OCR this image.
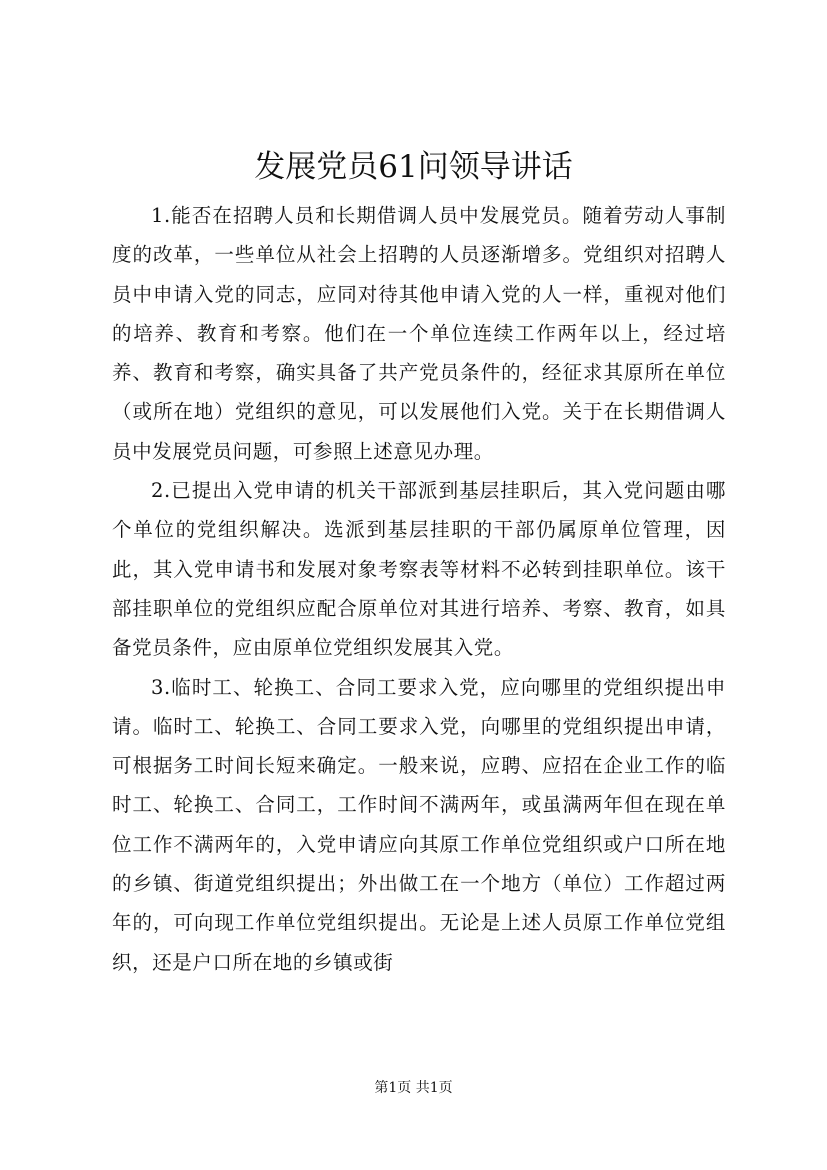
发展党员61问领导讲话

1.能否在招聘人员和长期借调人员中发展党员。随着劳动人事制度的改革，一些单位从社会上招聘的人员逐渐增多。党组织对招聘人员中申请入党的同志，应同对待其他申请入党的人一样，重视对他们的培养、教育和考察。他们在一个单位连续工作两年以上，经过培养、教育和考察，确实具备了共产党员条件的，经征求其原所在单位（或所在地）党组织的意见，可以发展他们入党。关于在长期借调人员中发展党员问题，可参照上述意见办理。

2.已提出入党申请的机关干部派到基层挂职后，其入党问题由哪个单位的党组织解决。选派到基层挂职的干部仍属原单位管理，因此，其入党申请书和发展对象考察表等材料不必转到挂职单位。该干部挂职单位的党组织应配合原单位对其进行培养、考察、教育，如具备党员条件，应由原单位党组织发展其入党。

3.临时工、轮换工、合同工要求入党，应向哪里的党组织提出申请。临时工、轮换工、合同工要求入党，向哪里的党组织提出申请，可根据务工时间长短来确定。一般来说，应聘、应招在企业工作的临时工、轮换工、合同工，工作时间不满两年，或虽满两年但在现在单位工作不满两年的，入党申请应向其原工作单位党组织或户口所在地的乡镇、街道党组织提出；外出做工在一个地方（单位）工作超过两年的，可向现工作单位党组织提出。无论是上述人员原工作单位党组织，还是户口所在地的乡镇或街

第1页 共1页
